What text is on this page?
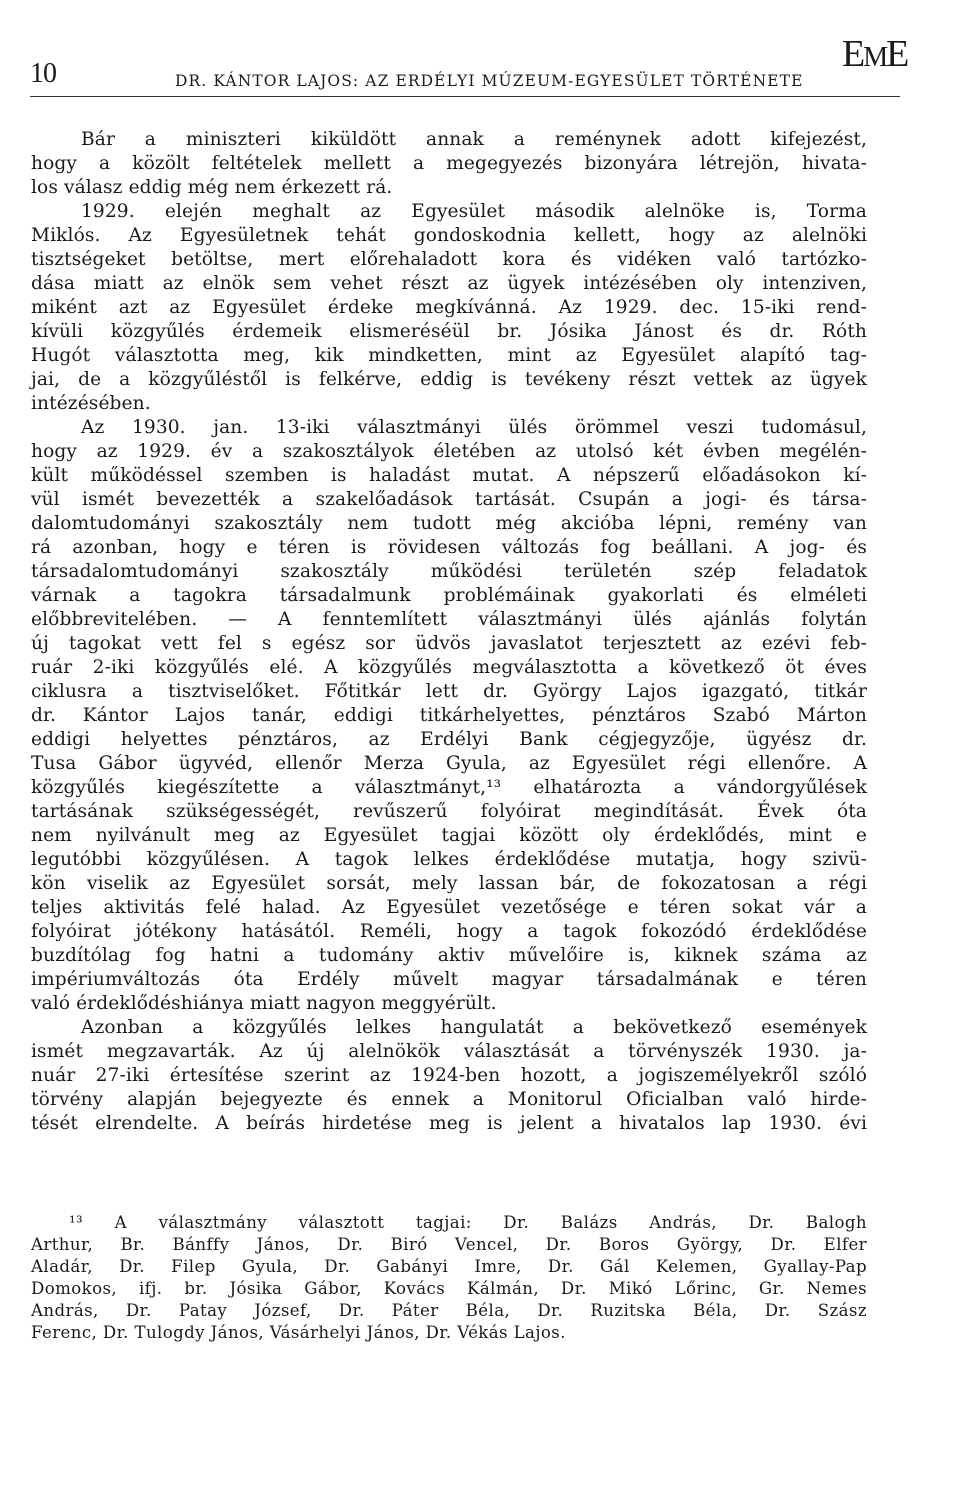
10	DR. KÁNTOR LAJOS: AZ ERDÉLYI MÚZEUM-EGYESÜLET TÖRTÉNETE
EME
Bár a miniszteri kiküldött annak a reménynek adott kifejezést,
hogy a közölt feltételek mellett a megegyezés bizonyára létrejön, hivata-
los válasz eddig még nem érkezett rá.
1929. elején meghalt az Egyesület második alelnöke is, Torma
Miklós. Az Egyesületnek tehát gondoskodnia kellett, hogy az alelnöki
tisztségeket betöltse, mert előrehaladott kora és vidéken való tartózko-
dása miatt az elnök sem vehet részt az ügyek intézésében oly intenziven,
miként azt az Egyesület érdeke megkívánná. Az 1929. dec. 15-iki rend-
kívüli közgyűlés érdemeik elismeréséül br. Jósika Jánost és dr. Róth
Hugót választotta meg, kik mindketten, mint az Egyesület alapító tag-
jai, de a közgyűléstől is felkérve, eddig is tevékeny részt vettek az ügyek
intézésében.
Az 1930. jan. 13-iki választmányi ülés örömmel veszi tudomásul,
hogy az 1929. év a szakosztályok életében az utolsó két évben megélén-
kült működéssel szemben is haladást mutat. A népszerű előadásokon kí-
vül ismét bevezették a szakelőadások tartását. Csupán a jogi- és társa-
dalomtudományi szakosztály nem tudott még akcióba lépni, remény van
rá azonban, hogy e téren is rövidesen változás fog beállani. A jog- és
társadalomtudományi szakosztály működési területén szép feladatok
várnak a tagokra társadalmunk problémáinak gyakorlati és elméleti
előbbrevitelében. — A fenntemlített választmányi ülés ajánlás folytán
új tagokat vett fel s egész sor üdvös javaslatot terjesztett az ezévi feb-
ruár 2-iki közgyűlés elé. A közgyűlés megválasztotta a következő öt éves
ciklusra a tisztviselőket. Főtitkár lett dr. György Lajos igazgató, titkár
dr. Kántor Lajos tanár, eddigi titkárhelyettes, pénztáros Szabó Márton
eddigi helyettes pénztáros, az Erdélyi Bank cégjegyzője, ügyész dr.
Tusa Gábor ügyvéd, ellenőr Merza Gyula, az Egyesület régi ellenőre. A
közgyűlés kiegészítette a választmányt,¹³ elhatározta a vándorgyűlések
tartásának szükségességét, revűszerű folyóirat megindítását. Évek óta
nem nyilvánult meg az Egyesület tagjai között oly érdeklődés, mint e
legutóbbi közgyűlésen. A tagok lelkes érdeklődése mutatja, hogy szivü-
kön viselik az Egyesület sorsát, mely lassan bár, de fokozatosan a régi
teljes aktivitás felé halad. Az Egyesület vezetősége e téren sokat vár a
folyóirat jótékony hatásától. Reméli, hogy a tagok fokozódó érdeklődése
buzdítólag fog hatni a tudomány aktiv művelőire is, kiknek száma az
impériumváltozás óta Erdély művelt magyar társadalmának e téren
való érdeklődéshiánya miatt nagyon meggyérült.
Azonban a közgyűlés lelkes hangulatát a bekövetkező események
ismét megzavarták. Az új alelnökök választását a törvényszék 1930. ja-
nuár 27-iki értesítése szerint az 1924-ben hozott, a jogiszemélyekről szóló
törvény alapján bejegyezte és ennek a Monitorul Oficialban való hirde-
tését elrendelte. A beírás hirdetése meg is jelent a hivatalos lap 1930. évi
¹³ A választmány választott tagjai: Dr. Balázs András, Dr. Balogh
Arthur, Br. Bánffy János, Dr. Biró Vencel, Dr. Boros György, Dr. Elfer
Aladár, Dr. Filep Gyula, Dr. Gabányi Imre, Dr. Gál Kelemen, Gyallay-Pap
Domokos, ifj. br. Jósika Gábor, Kovács Kálmán, Dr. Mikó Lőrinc, Gr. Nemes
András, Dr. Patay József, Dr. Páter Béla, Dr. Ruzitska Béla, Dr. Szász
Ferenc, Dr. Tulogdy János, Vásárhelyi János, Dr. Vékás Lajos.
